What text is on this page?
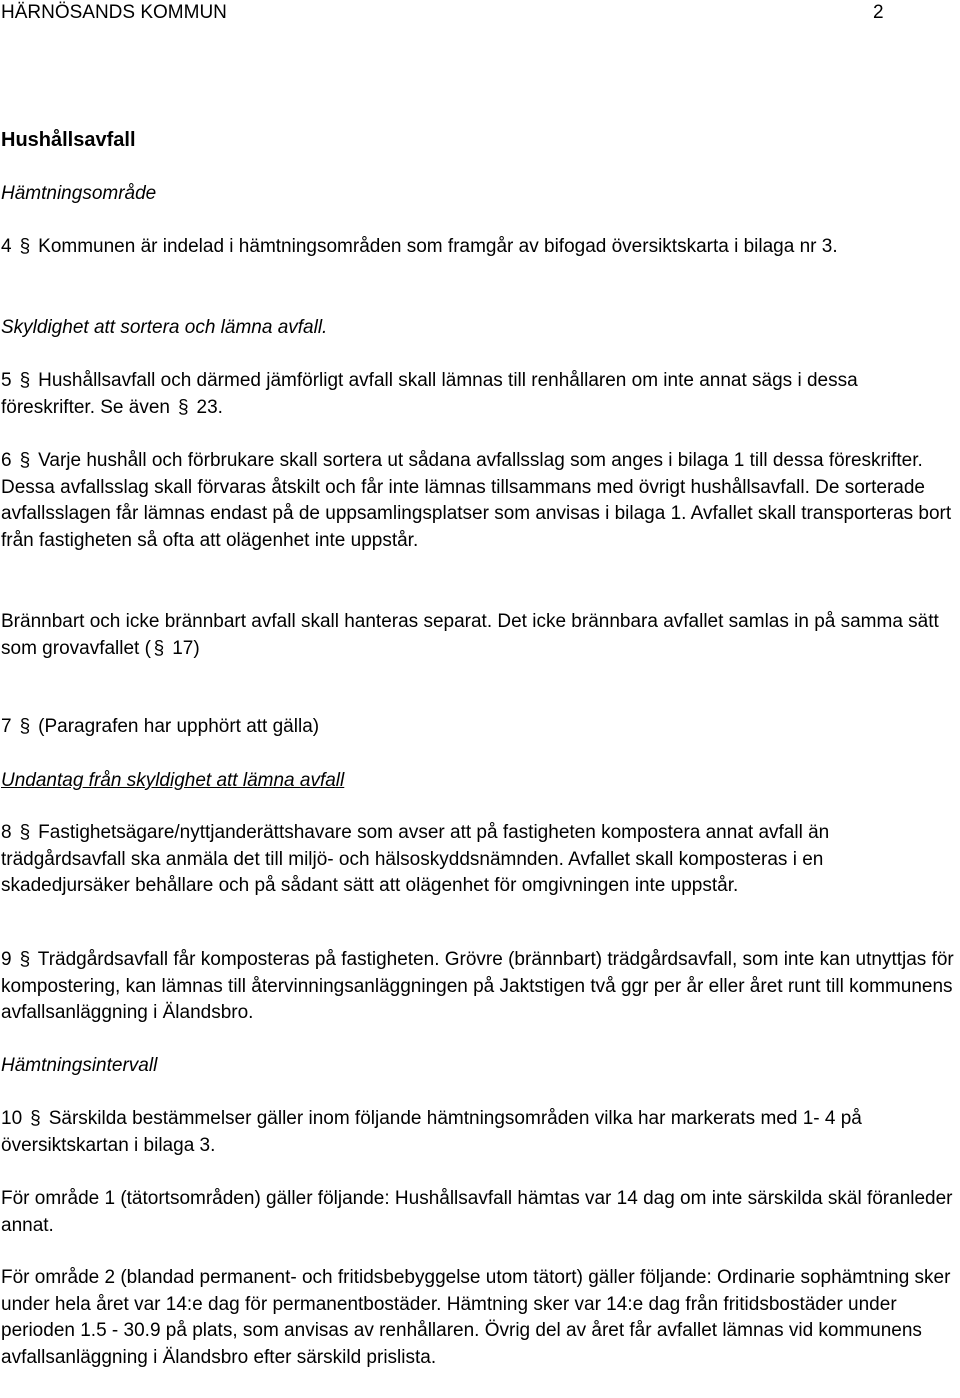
HÄRNÖSANDS KOMMUN	2
Hushållsavfall
Hämtningsområde

4 § Kommunen är indelad i hämtningsområden som framgår av bifogad översiktskarta i bilaga nr 3.

Skyldighet att sortera och lämna avfall.

5 § Hushållsavfall och därmed jämförligt avfall skall lämnas till renhållaren om inte annat sägs i dessa föreskrifter. Se även § 23.

6 § Varje hushåll och förbrukare skall sortera ut sådana avfallsslag som anges i bilaga 1 till dessa föreskrifter. Dessa avfallsslag skall förvaras åtskilt och får inte lämnas tillsammans med övrigt hushållsavfall. De sorterade avfallsslagen får lämnas endast på de uppsamlingsplatser som anvisas i bilaga 1. Avfallet skall transporteras bort från fastigheten så ofta att olägenhet inte uppstår.

Brännbart och icke brännbart avfall skall hanteras separat. Det icke brännbara avfallet samlas in på samma sätt som grovavfallet ( § 17)

7 § (Paragrafen har upphört att gälla)

Undantag från skyldighet att lämna avfall

8 § Fastighetsägare/nyttjanderättshavare som avser att på fastigheten kompostera annat avfall än trädgårdsavfall ska anmäla det till miljö- och hälsoskyddsnämnden. Avfallet skall komposteras i en skadedjursäker behållare och på sådant sätt att olägenhet för omgivningen inte uppstår.

9 § Trädgårdsavfall får komposteras på fastigheten. Grövre (brännbart) trädgårdsavfall, som inte kan utnyttjas för kompostering, kan lämnas till återvinningsanläggningen på Jaktstigen två ggr per år eller året runt till kommunens avfallsanläggning i Älandsbro.

Hämtningsintervall

10 § Särskilda bestämmelser gäller inom följande hämtningsområden vilka har markerats med 1- 4 på översiktskartan i bilaga 3.

För område 1 (tätortsområden) gäller följande: Hushållsavfall hämtas var 14 dag om inte särskilda skäl föranleder annat.

För område 2 (blandad permanent- och fritidsbebyggelse utom tätort) gäller följande: Ordinarie sophämtning sker under hela året var 14:e dag för permanentbostäder. Hämtning sker var 14:e dag från fritidsbostäder under perioden 1.5 - 30.9 på plats, som anvisas av renhållaren. Övrig del av året får avfallet lämnas vid kommunens avfallsanläggning i Älandsbro efter särskild prislista.
